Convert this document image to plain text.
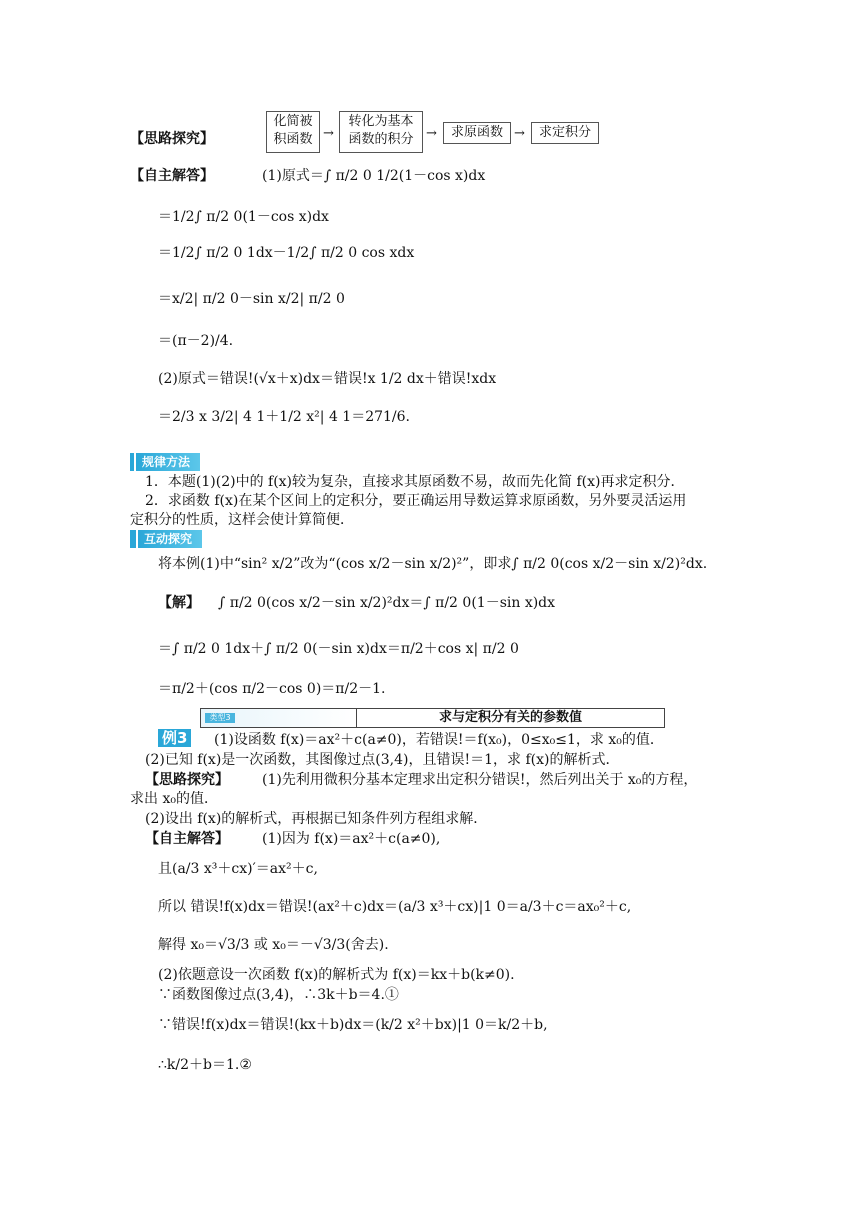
【思路探究】
化简被
积函数 →
转化为基本
函数的积分 →	求原函数 →	求定积分
【自主解答】	(1)原式＝∫ π/2 0 1/2(1－cos x)dx
＝1/2∫ π/2 0(1－cos x)dx
＝1/2∫ π/2 0 1dx－1/2∫ π/2 0 cos xdx
＝x/2| π/2 0－sin x/2| π/2 0
＝(π－2)/4.
(2)原式＝错误!(√x＋x)dx＝错误!x 1/2 dx＋错误!xdx
＝2/3 x 3/2| 4 1＋1/2 x²| 4 1＝271/6.
规律方法
1．本题(1)(2)中的 f(x)较为复杂，直接求其原函数不易，故而先化简 f(x)再求定积分．
2．求函数 f(x)在某个区间上的定积分，要正确运用导数运算求原函数，另外要灵活运用
定积分的性质，这样会使计算简便．
互动探究
将本例(1)中“sin² x/2”改为“(cos x/2－sin x/2)²”，即求∫ π/2 0(cos x/2－sin x/2)²dx.
【解】 ∫ π/2 0(cos x/2－sin x/2)²dx＝∫ π/2 0(1－sin x)dx
＝∫ π/2 0 1dx＋∫ π/2 0(－sin x)dx＝π/2＋cos x| π/2 0
＝π/2＋(cos π/2－cos 0)＝π/2－1.
类型3	求与定积分有关的参数值
例3 (1)设函数 f(x)＝ax²＋c(a≠0)，若错误!＝f(x₀)，0≤x₀≤1，求 x₀的值．
(2)已知 f(x)是一次函数，其图像过点(3,4)，且错误!＝1，求 f(x)的解析式．
【思路探究】 (1)先利用微积分基本定理求出定积分错误!，然后列出关于 x₀的方程，
求出 x₀的值．
(2)设出 f(x)的解析式，再根据已知条件列方程组求解．
【自主解答】 (1)因为 f(x)＝ax²＋c(a≠0),
且(a/3 x³＋cx)′＝ax²＋c,
所以 错误!f(x)dx＝错误!(ax²＋c)dx＝(a/3 x³＋cx)|1 0＝a/3＋c＝ax₀²＋c,
解得 x₀＝√3/3 或 x₀＝－√3/3(舍去).
(2)依题意设一次函数 f(x)的解析式为 f(x)＝kx＋b(k≠0).
∵函数图像过点(3,4)，∴3k＋b＝4.①
∵错误!f(x)dx＝错误!(kx＋b)dx＝(k/2 x²＋bx)|1 0＝k/2＋b,
∴k/2＋b＝1.②
